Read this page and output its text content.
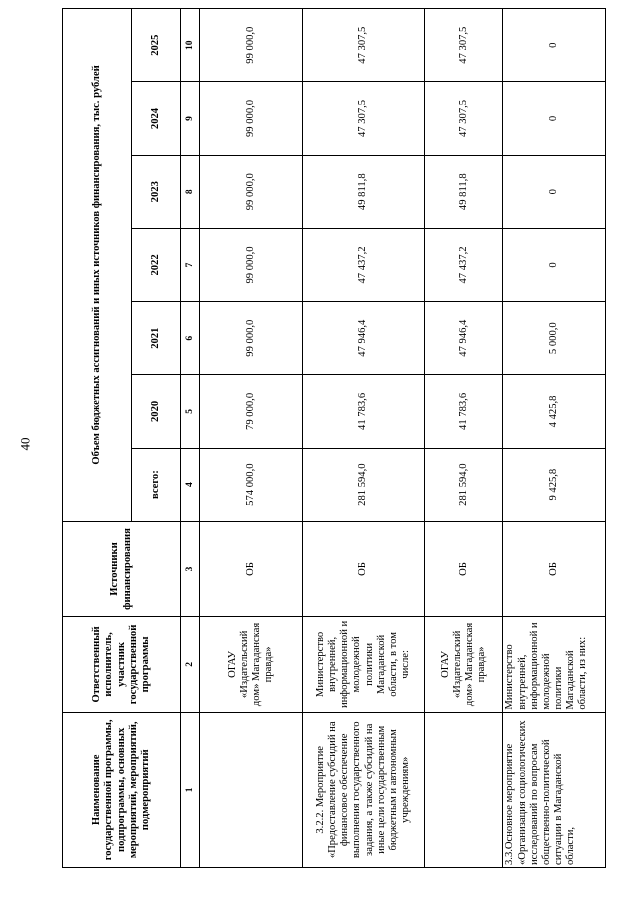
40
Наименование государственной программы, подпрограммы, основных мероприятий, мероприятий, подмероприятий	Ответственный исполнитель, участник государственной программы	Источники финансирования	Объем бюджетных ассигнований и иных источников финансирования, тыс. рублей						
			всего:	2020	2021	2022	2023	2024	2025
1	2	3	4	5	6	7	8	9	10
	ОГАУ «Издательский дом» Магаданская правда»	ОБ	574 000,0	79 000,0	99 000,0	99 000,0	99 000,0	99 000,0	99 000,0
3.2.2. Мероприятие «Предоставление субсидий на финансовое обеспечение выполнения государственного задания, а также субсидий на иные цели государственным бюджетным и автономным учреждениям»	Министерство внутренней, информационной и молодежной политики Магаданской области, в том числе:	ОБ	281 594,0	41 783,6	47 946,4	47 437,2	49 811,8	47 307,5	47 307,5
	ОГАУ «Издательский дом» Магаданская правда»	ОБ	281 594,0	41 783,6	47 946,4	47 437,2	49 811,8	47 307,5	47 307,5
3.3.Основное мероприятие «Организация социологических исследований по вопросам общественно-политической ситуации в Магаданской области,	Министерство внутренней, информационной и молодежной политики Магаданской области, из них:	ОБ	9 425,8	4 425,8	5 000,0	0	0	0	0
